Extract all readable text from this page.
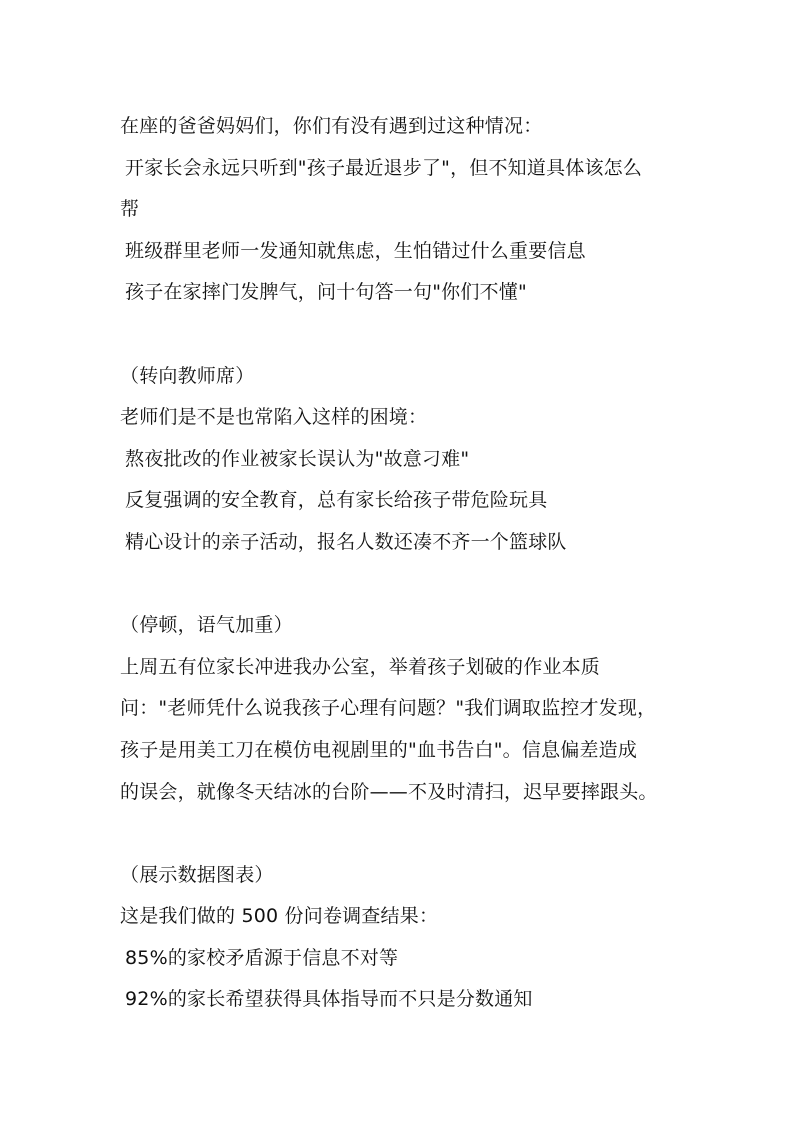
在座的爸爸妈妈们，你们有没有遇到过这种情况：
开家长会永远只听到"孩子最近退步了"，但不知道具体该怎么
帮
班级群里老师一发通知就焦虑，生怕错过什么重要信息
孩子在家摔门发脾气，问十句答一句"你们不懂"
（转向教师席）
老师们是不是也常陷入这样的困境：
熬夜批改的作业被家长误认为"故意刁难"
反复强调的安全教育，总有家长给孩子带危险玩具
精心设计的亲子活动，报名人数还凑不齐一个篮球队
（停顿，语气加重）
上周五有位家长冲进我办公室，举着孩子划破的作业本质
问："老师凭什么说我孩子心理有问题？"我们调取监控才发现，
孩子是用美工刀在模仿电视剧里的"血书告白"。信息偏差造成
的误会，就像冬天结冰的台阶——不及时清扫，迟早要摔跟头。
（展示数据图表）
这是我们做的 500 份问卷调查结果：
85%的家校矛盾源于信息不对等
92%的家长希望获得具体指导而不只是分数通知
